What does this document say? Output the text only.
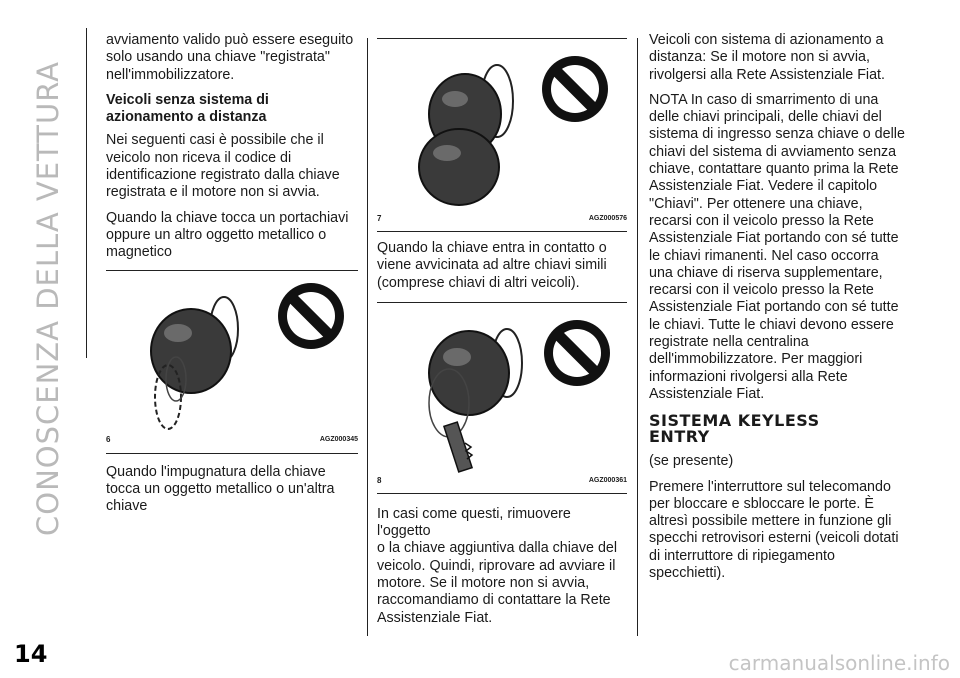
CONOSCENZA DELLA VETTURA

avviamento valido può essere eseguito
solo usando una chiave "registrata"
nell'immobilizzatore.

Veicoli senza sistema di
azionamento a distanza

Nei seguenti casi è possibile che il
veicolo non riceva il codice di
identificazione registrato dalla chiave
registrata e il motore non si avvia.

Quando la chiave tocca un portachiavi
oppure un altro oggetto metallico o
magnetico

6	AGZ000345

Quando l'impugnatura della chiave
tocca un oggetto metallico o un'altra
chiave

7	AGZ000576

Quando la chiave entra in contatto o
viene avvicinata ad altre chiavi simili
(comprese chiavi di altri veicoli).

8	AGZ000361

In casi come questi, rimuovere l'oggetto
o la chiave aggiuntiva dalla chiave del
veicolo. Quindi, riprovare ad avviare il
motore. Se il motore non si avvia,
raccomandiamo di contattare la Rete
Assistenziale Fiat.

Veicoli con sistema di azionamento a
distanza: Se il motore non si avvia,
rivolgersi alla Rete Assistenziale Fiat.

NOTA In caso di smarrimento di una
delle chiavi principali, delle chiavi del
sistema di ingresso senza chiave o delle
chiavi del sistema di avviamento senza
chiave, contattare quanto prima la Rete
Assistenziale Fiat. Vedere il capitolo
"Chiavi". Per ottenere una chiave,
recarsi con il veicolo presso la Rete
Assistenziale Fiat portando con sé tutte
le chiavi rimanenti. Nel caso occorra
una chiave di riserva supplementare,
recarsi con il veicolo presso la Rete
Assistenziale Fiat portando con sé tutte
le chiavi. Tutte le chiavi devono essere
registrate nella centralina
dell'immobilizzatore. Per maggiori
informazioni rivolgersi alla Rete
Assistenziale Fiat.

SISTEMA KEYLESS
ENTRY

(se presente)

Premere l'interruttore sul telecomando
per bloccare e sbloccare le porte. È
altresì possibile mettere in funzione gli
specchi retrovisori esterni (veicoli dotati
di interruttore di ripiegamento
specchietti).

14	carmanualsonline.info
